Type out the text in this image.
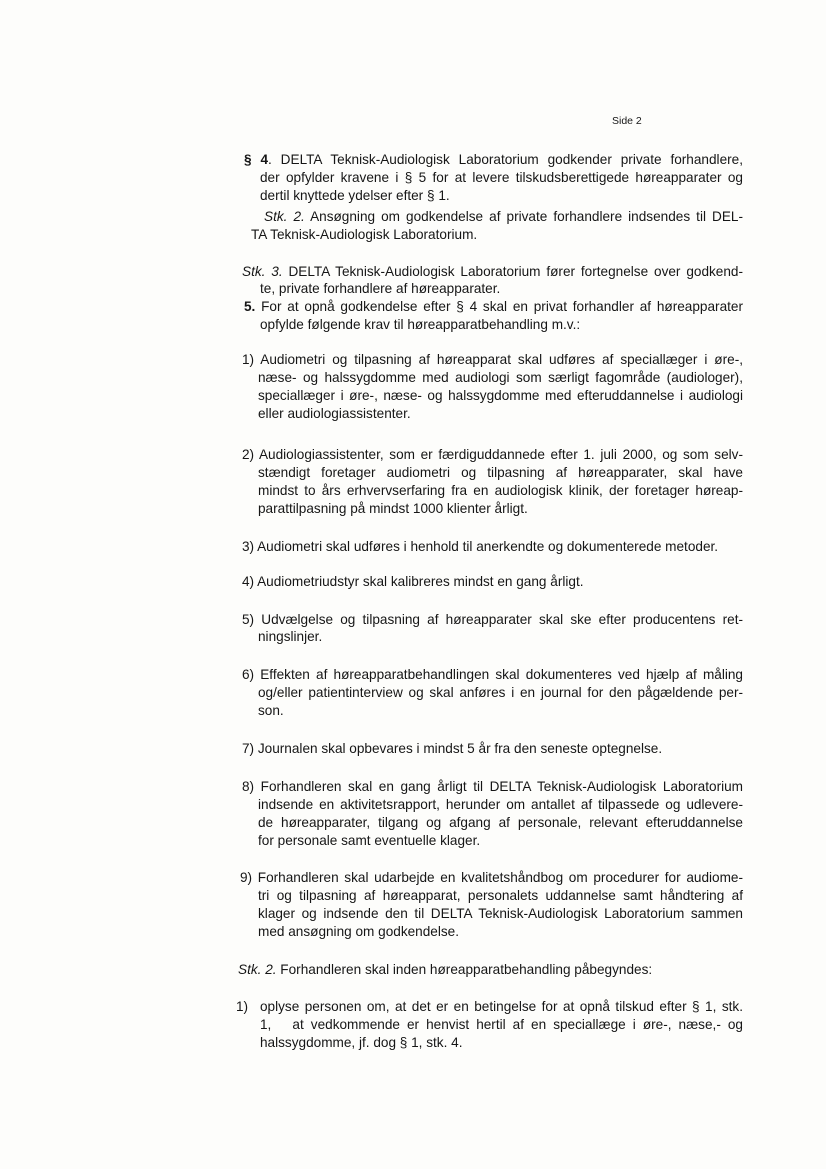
Side 2
§ 4. DELTA Teknisk-Audiologisk Laboratorium godkender private forhandlere,
der opfylder kravene i § 5 for at levere tilskudsberettigede høreapparater og
dertil knyttede ydelser efter § 1.
Stk. 2. Ansøgning om godkendelse af private forhandlere indsendes til DEL-
TA Teknisk-Audiologisk Laboratorium.
Stk. 3. DELTA Teknisk-Audiologisk Laboratorium fører fortegnelse over godkend-
te, private forhandlere af høreapparater.
5. For at opnå godkendelse efter § 4 skal en privat forhandler af høreapparater
opfylde følgende krav til høreapparatbehandling m.v.:
1) Audiometri og tilpasning af høreapparat skal udføres af speciallæger i øre-,
næse- og halssygdomme med audiologi som særligt fagområde (audiologer),
speciallæger i øre-, næse- og halssygdomme med efteruddannelse i audiologi
eller audiologiassistenter.
2) Audiologiassistenter, som er færdiguddannede efter 1. juli 2000, og som selv-
stændigt foretager audiometri og tilpasning af høreapparater, skal have
mindst to års erhvervserfaring fra en audiologisk klinik, der foretager høreap-
parattilpasning på mindst 1000 klienter årligt.
3) Audiometri skal udføres i henhold til anerkendte og dokumenterede metoder.
4) Audiometriudstyr skal kalibreres mindst en gang årligt.
5) Udvælgelse og tilpasning af høreapparater skal ske efter producentens ret-
ningslinjer.
6) Effekten af høreapparatbehandlingen skal dokumenteres ved hjælp af måling
og/eller patientinterview og skal anføres i en journal for den pågældende per-
son.
7) Journalen skal opbevares i mindst 5 år fra den seneste optegnelse.
8) Forhandleren skal en gang årligt til DELTA Teknisk-Audiologisk Laboratorium
indsende en aktivitetsrapport, herunder om antallet af tilpassede og udlevere-
de høreapparater, tilgang og afgang af personale, relevant efteruddannelse
for personale samt eventuelle klager.
9) Forhandleren skal udarbejde en kvalitetshåndbog om procedurer for audiome-
tri og tilpasning af høreapparat, personalets uddannelse samt håndtering af
klager og indsende den til DELTA Teknisk-Audiologisk Laboratorium sammen
med ansøgning om godkendelse.
Stk. 2. Forhandleren skal inden høreapparatbehandling påbegyndes:
1) oplyse personen om, at det er en betingelse for at opnå tilskud efter § 1, stk.
1,   at vedkommende er henvist hertil af en speciallæge i øre-, næse,- og
halssygdomme, jf. dog § 1, stk. 4.
